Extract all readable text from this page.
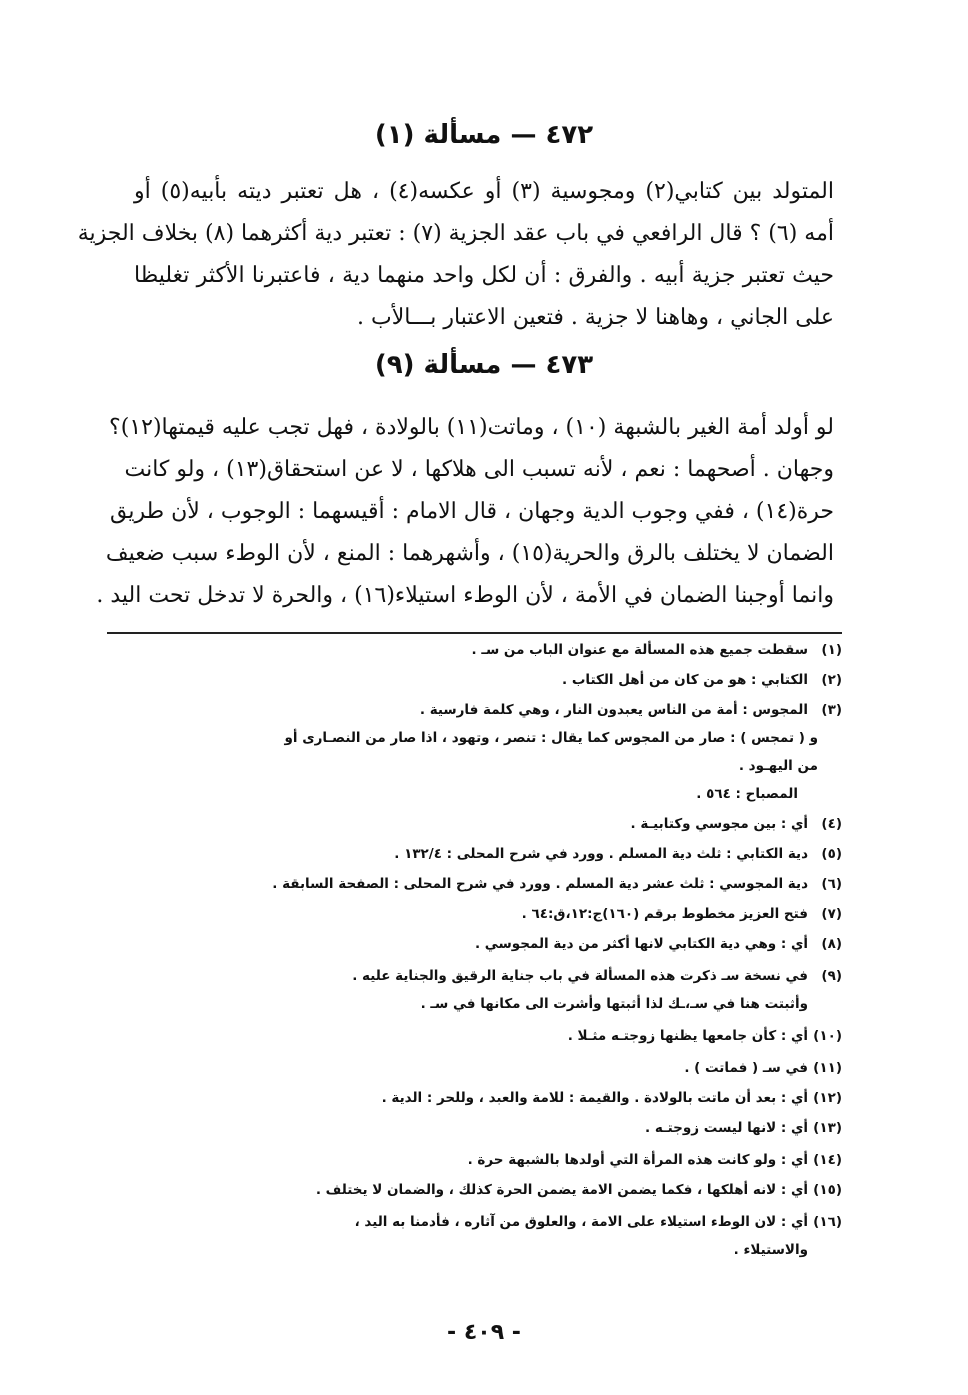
٤٧٢ — مسألة (١)
المتولد بين كتابي(٢) ومجوسية (٣) أو عكسه(٤) ، هل تعتبر ديته بأبيه(٥) أو
أمه (٦) ؟ قال الرافعي في باب عقد الجزية (٧) : تعتبر دية أكثرهما (٨) بخلاف الجزية
حيث تعتبر جزية أبيه . والفرق : أن لكل واحد منهما دية ، فاعتبرنا الأكثر تغليظا
على الجاني ، وهاهنا لا جزية . فتعين الاعتبار بـــالأب .
٤٧٣ — مسألة (٩)
لو أولد أمة الغير بالشبهة (١٠) ، وماتت(١١) بالولادة ، فهل تجب عليه قيمتها(١٢)؟
وجهان . أصحهما : نعم ، لأنه تسبب الى هلاكها ، لا عن استحقاق(١٣) ، ولو كانت
حرة(١٤) ، ففي وجوب الدية وجهان ، قال الامام : أقيسهما : الوجوب ، لأن طريق
الضمان لا يختلف بالرق والحرية(١٥) ، وأشهرهما : المنع ، لأن الوطء سبب ضعيف
وانما أوجبنا الضمان في الأمة ، لأن الوطء استيلاء(١٦) ، والحرة لا تدخل تحت اليد .
(١)سقطت جميع هذه المسألة مع عنوان الباب من سـ .
(٢)الكتابي : هو من كان من أهل الكتاب .
(٣)المجوس : أمة من الناس يعبدون النار ، وهي كلمة فارسية .
و ( تمجس ) : صار من المجوس كما يقال : تنصر ، وتهود ، اذا صار من النصـارى أو
من اليهـود .
المصباح : ٥٦٤ .
(٤)أي : بين مجوسي وكتابيـة .
(٥)دية الكتابي : ثلث دية المسلم . وورد في شرح المحلى : ١٣٢/٤ .
(٦)دية المجوسي : ثلث عشر دية المسلم . وورد في شرح المحلى : الصفحة السابقة .
(٧)فتح العزيز مخطوط برقم (١٦٠)ج:١٢،ق:٦٤ .
(٨)أي : وهي دية الكتابي لانها أكثر من دية المجوسي .
(٩)في نسخة سـ ذكرت هذه المسألة في باب جناية الرقيق والجناية عليه .
وأثبتت هنا في سـ،ـك لذا أثبتها وأشرت الى مكانها في سـ .
(١٠)أي : كأن جامعها يظنها زوجتـه مثـلا .
(١١)في سـ ( فماتت ) .
(١٢)أي : بعد أن ماتت بالولادة . والقيمة : للامة والعبد ، وللحر : الدية .
(١٣)أي : لانها ليست زوجتـه .
(١٤)أي : ولو كانت هذه المرأة التي أولدها بالشبهة حرة .
(١٥)أي : لانه أهلكها ، فكما يضمن الامة يضمن الحرة كذلك ، والضمان لا يختلف .
(١٦)أي : لان الوطء استيلاء على الامة ، والعلوق من آثاره ، فأدمنا به اليد ،
والاستيلاء .
- ٤٠٩ -
